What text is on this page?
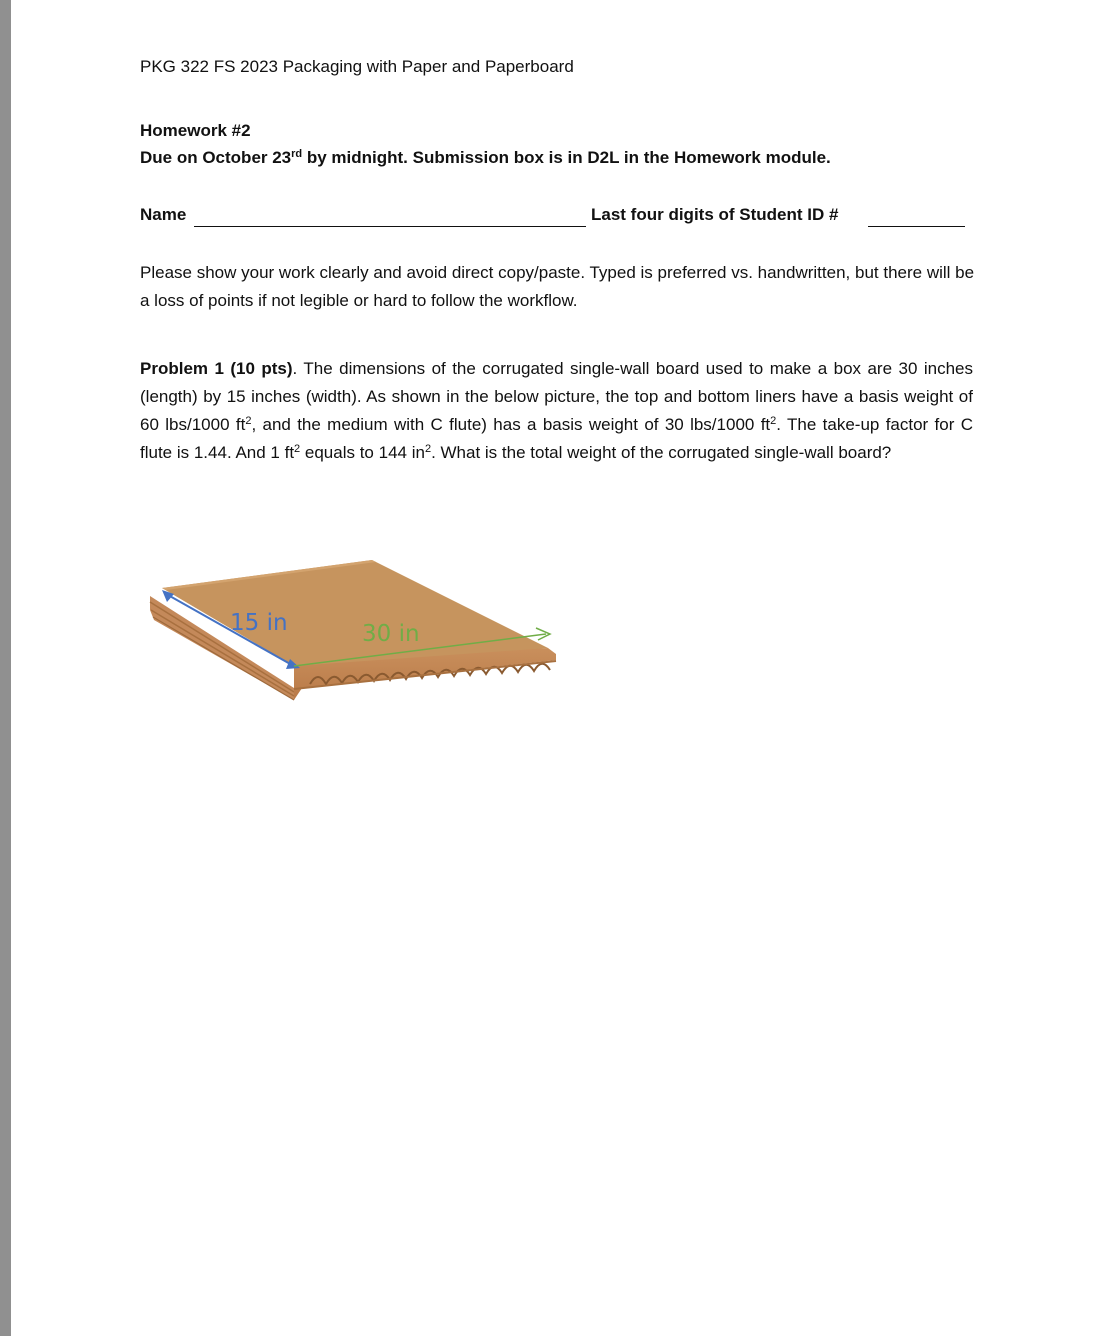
PKG 322 FS 2023 Packaging with Paper and Paperboard
Homework #2
Due on October 23rd by midnight. Submission box is in D2L in the Homework module.
Name	Last four digits of Student ID #
Please show your work clearly and avoid direct copy/paste. Typed is preferred vs. handwritten, but there will be a loss of points if not legible or hard to follow the workflow.
Problem 1 (10 pts). The dimensions of the corrugated single-wall board used to make a box are 30 inches (length) by 15 inches (width). As shown in the below picture, the top and bottom liners have a basis weight of 60 lbs/1000 $ft^2$, and the medium with C flute) has a basis weight of 30 lbs/1000 $ft^2$. The take-up factor for C flute is 1.44. And 1 $ft^2$ equals to 144 $in^2$. What is the total weight of the corrugated single-wall board?
15 in	30 in
